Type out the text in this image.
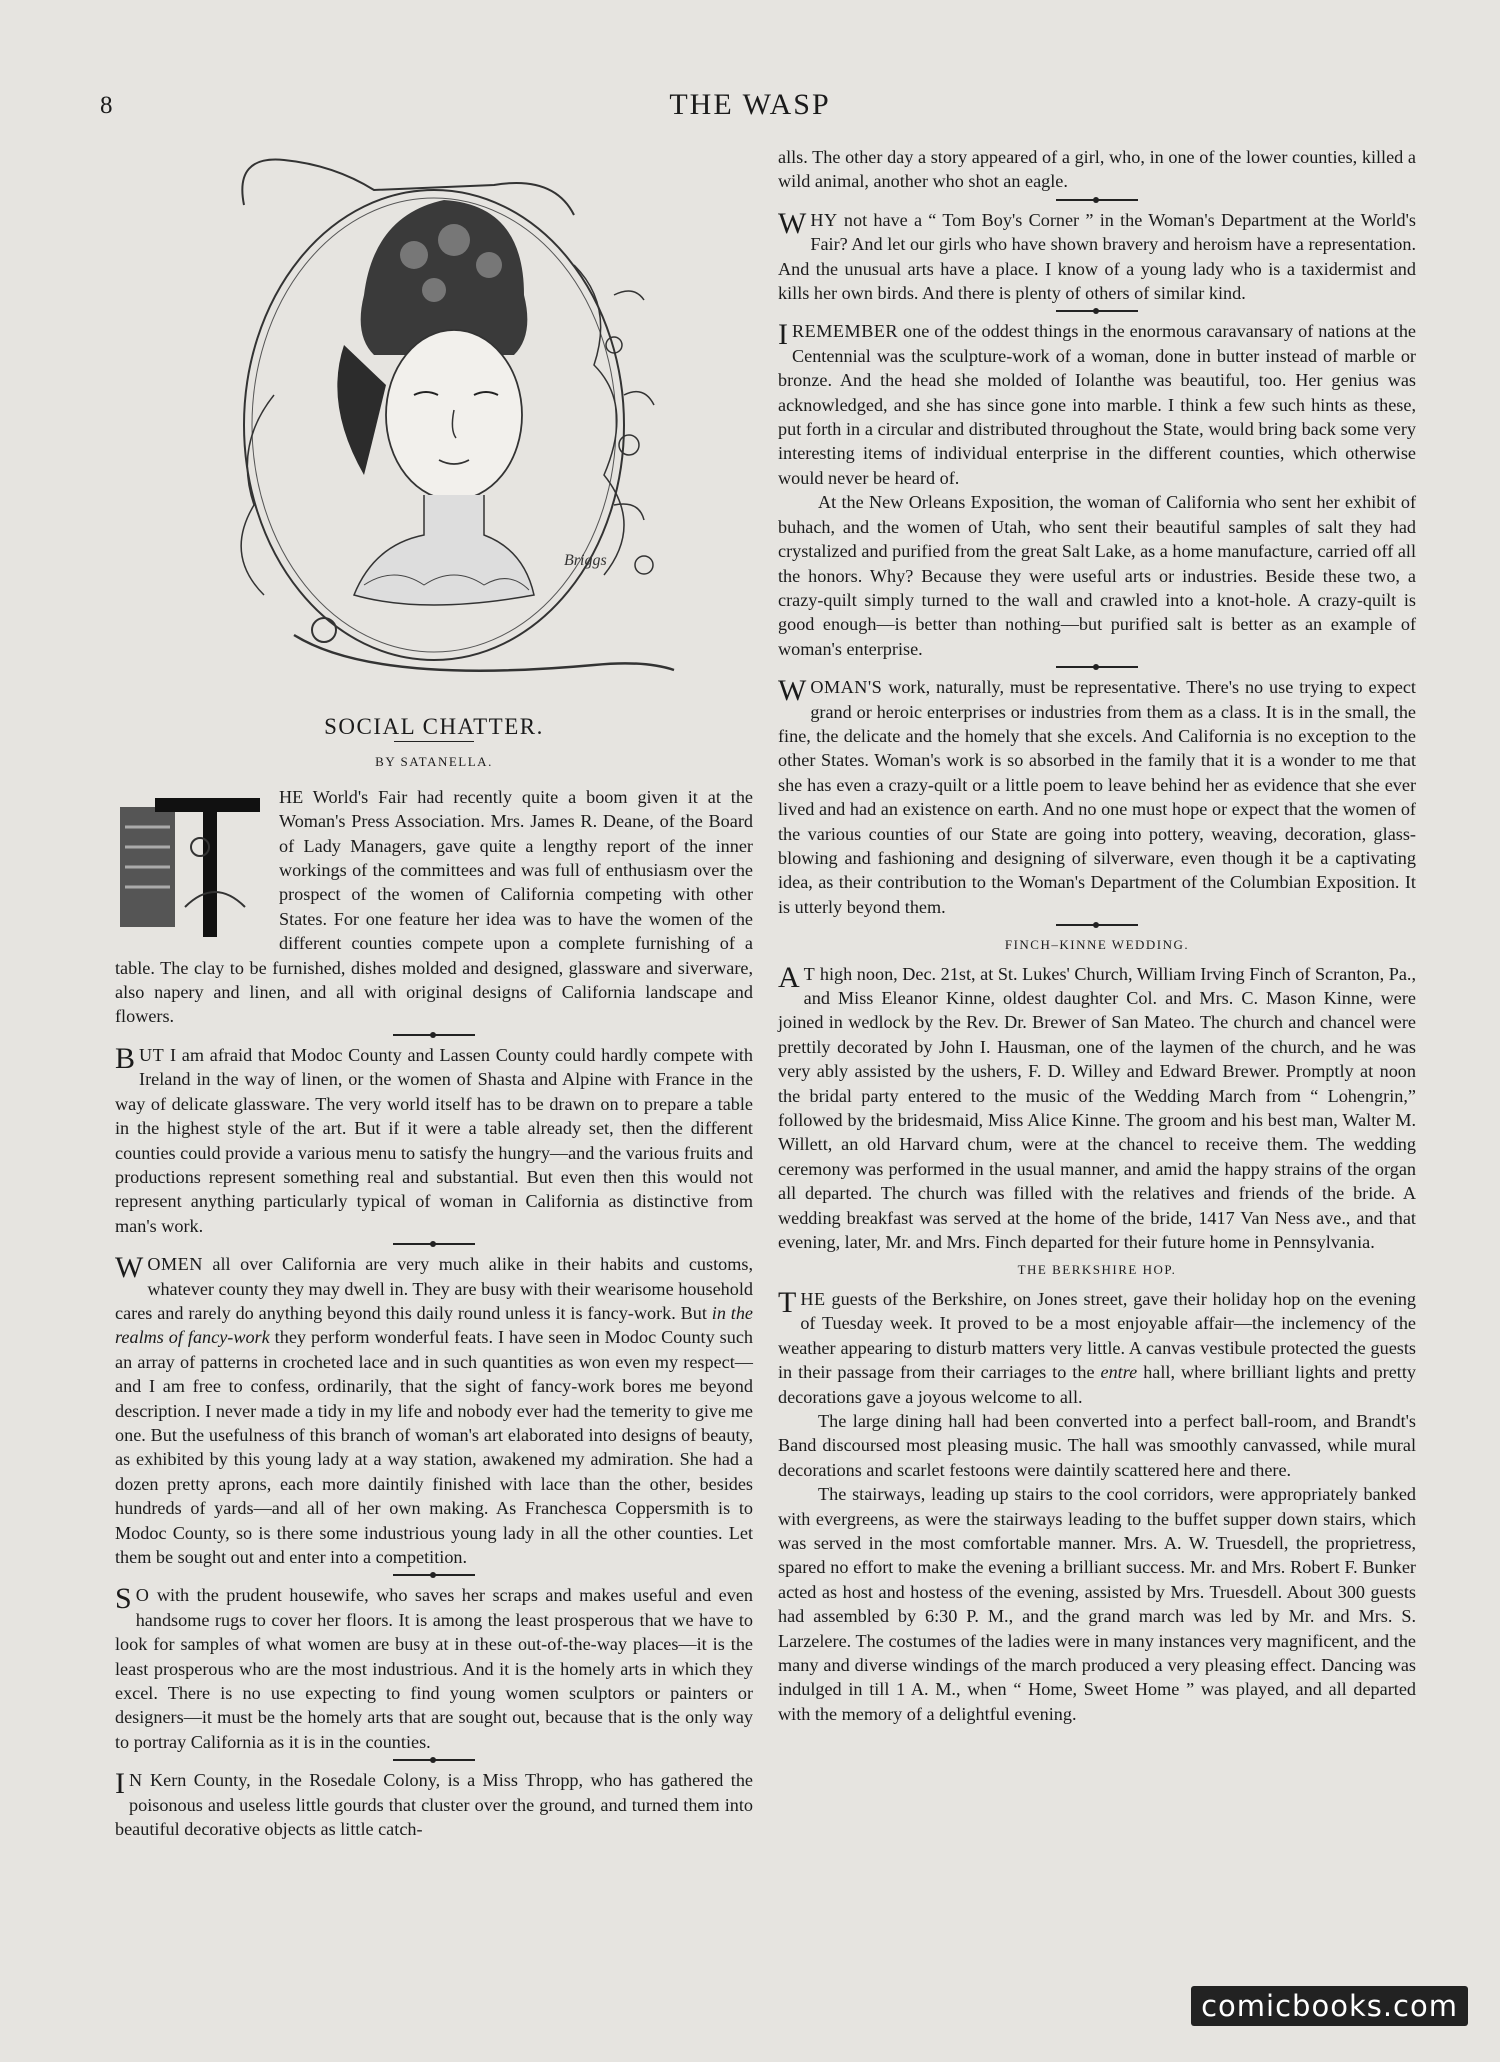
8	THE WASP
Briggs
SOCIAL CHATTER.
BY SATANELLA.

HE World's Fair had recently quite a boom given it at the Woman's Press Association. Mrs. James R. Deane, of the Board of Lady Managers, gave quite a lengthy report of the inner workings of the committees and was full of enthusiasm over the prospect of the women of California competing with other States. For one feature her idea was to have the women of the different counties compete upon a complete furnishing of a table. The clay to be furnished, dishes molded and designed, glassware and siverware, also napery and linen, and all with original designs of California landscape and flowers.

BUT I am afraid that Modoc County and Lassen County could hardly compete with Ireland in the way of linen, or the women of Shasta and Alpine with France in the way of delicate glassware. The very world itself has to be drawn on to prepare a table in the highest style of the art. But if it were a table already set, then the different counties could provide a various menu to satisfy the hungry—and the various fruits and productions represent something real and substantial. But even then this would not represent anything particularly typical of woman in California as distinctive from man's work.

WOMEN all over California are very much alike in their habits and customs, whatever county they may dwell in. They are busy with their wearisome household cares and rarely do anything beyond this daily round unless it is fancy-work. But in the realms of fancy-work they perform wonderful feats. I have seen in Modoc County such an array of patterns in crocheted lace and in such quantities as won even my respect—and I am free to confess, ordinarily, that the sight of fancy-work bores me beyond description. I never made a tidy in my life and nobody ever had the temerity to give me one. But the usefulness of this branch of woman's art elaborated into designs of beauty, as exhibited by this young lady at a way station, awakened my admiration. She had a dozen pretty aprons, each more daintily finished with lace than the other, besides hundreds of yards—and all of her own making. As Franchesca Coppersmith is to Modoc County, so is there some industrious young lady in all the other counties. Let them be sought out and enter into a competition.

S O with the prudent housewife, who saves her scraps and makes useful and even handsome rugs to cover her floors. It is among the least prosperous that we have to look for samples of what women are busy at in these out-of-the-way places—it is the least prosperous who are the most industrious. And it is the homely arts in which they excel. There is no use expecting to find young women sculptors or painters or designers—it must be the homely arts that are sought out, because that is the only way to portray California as it is in the counties.

I N Kern County, in the Rosedale Colony, is a Miss Thropp, who has gathered the poisonous and useless little gourds that cluster over the ground, and turned them into beautiful decorative objects as little catch-

alls. The other day a story appeared of a girl, who, in one of the lower counties, killed a wild animal, another who shot an eagle.

WHY not have a “ Tom Boy's Corner ” in the Woman's Department at the World's Fair? And let our girls who have shown bravery and heroism have a representation. And the unusual arts have a place. I know of a young lady who is a taxidermist and kills her own birds. And there is plenty of others of similar kind.

IREMEMBER one of the oddest things in the enormous caravansary of nations at the Centennial was the sculpture-work of a woman, done in butter instead of marble or bronze. And the head she molded of Iolanthe was beautiful, too. Her genius was acknowledged, and she has since gone into marble. I think a few such hints as these, put forth in a circular and distributed throughout the State, would bring back some very interesting items of individual enterprise in the different counties, which otherwise would never be heard of.

At the New Orleans Exposition, the woman of California who sent her exhibit of buhach, and the women of Utah, who sent their beautiful samples of salt they had crystalized and purified from the great Salt Lake, as a home manufacture, carried off all the honors. Why? Because they were useful arts or industries. Beside these two, a crazy-quilt simply turned to the wall and crawled into a knot-hole. A crazy-quilt is good enough—is better than nothing—but purified salt is better as an example of woman's enterprise.

WOMAN'S work, naturally, must be representative. There's no use trying to expect grand or heroic enterprises or industries from them as a class. It is in the small, the fine, the delicate and the homely that she excels. And California is no exception to the other States. Woman's work is so absorbed in the family that it is a wonder to me that she has even a crazy-quilt or a little poem to leave behind her as evidence that she ever lived and had an existence on earth. And no one must hope or expect that the women of the various counties of our State are going into pottery, weaving, decoration, glass-blowing and fashioning and designing of silverware, even though it be a captivating idea, as their contribution to the Woman's Department of the Columbian Exposition. It is utterly beyond them.

FINCH–KINNE WEDDING.

A T high noon, Dec. 21st, at St. Lukes' Church, William Irving Finch of Scranton, Pa., and Miss Eleanor Kinne, oldest daughter Col. and Mrs. C. Mason Kinne, were joined in wedlock by the Rev. Dr. Brewer of San Mateo. The church and chancel were prettily decorated by John I. Hausman, one of the laymen of the church, and he was very ably assisted by the ushers, F. D. Willey and Edward Brewer. Promptly at noon the bridal party entered to the music of the Wedding March from “ Lohengrin,” followed by the bridesmaid, Miss Alice Kinne. The groom and his best man, Walter M. Willett, an old Harvard chum, were at the chancel to receive them. The wedding ceremony was performed in the usual manner, and amid the happy strains of the organ all departed. The church was filled with the relatives and friends of the bride. A wedding breakfast was served at the home of the bride, 1417 Van Ness ave., and that evening, later, Mr. and Mrs. Finch departed for their future home in Pennsylvania.

THE BERKSHIRE HOP.

THE guests of the Berkshire, on Jones street, gave their holiday hop on the evening of Tuesday week. It proved to be a most enjoyable affair—the inclemency of the weather appearing to disturb matters very little. A canvas vestibule protected the guests in their passage from their carriages to the entre hall, where brilliant lights and pretty decorations gave a joyous welcome to all.

The large dining hall had been converted into a perfect ball-room, and Brandt's Band discoursed most pleasing music. The hall was smoothly canvassed, while mural decorations and scarlet festoons were daintily scattered here and there.

The stairways, leading up stairs to the cool corridors, were appropriately banked with evergreens, as were the stairways leading to the buffet supper down stairs, which was served in the most comfortable manner. Mrs. A. W. Truesdell, the proprietress, spared no effort to make the evening a brilliant success. Mr. and Mrs. Robert F. Bunker acted as host and hostess of the evening, assisted by Mrs. Truesdell. About 300 guests had assembled by 6:30 P. M., and the grand march was led by Mr. and Mrs. S. Larzelere. The costumes of the ladies were in many instances very magnificent, and the many and diverse windings of the march produced a very pleasing effect. Dancing was indulged in till 1 A. M., when “ Home, Sweet Home ” was played, and all departed with the memory of a delightful evening.

comicbooks.com
